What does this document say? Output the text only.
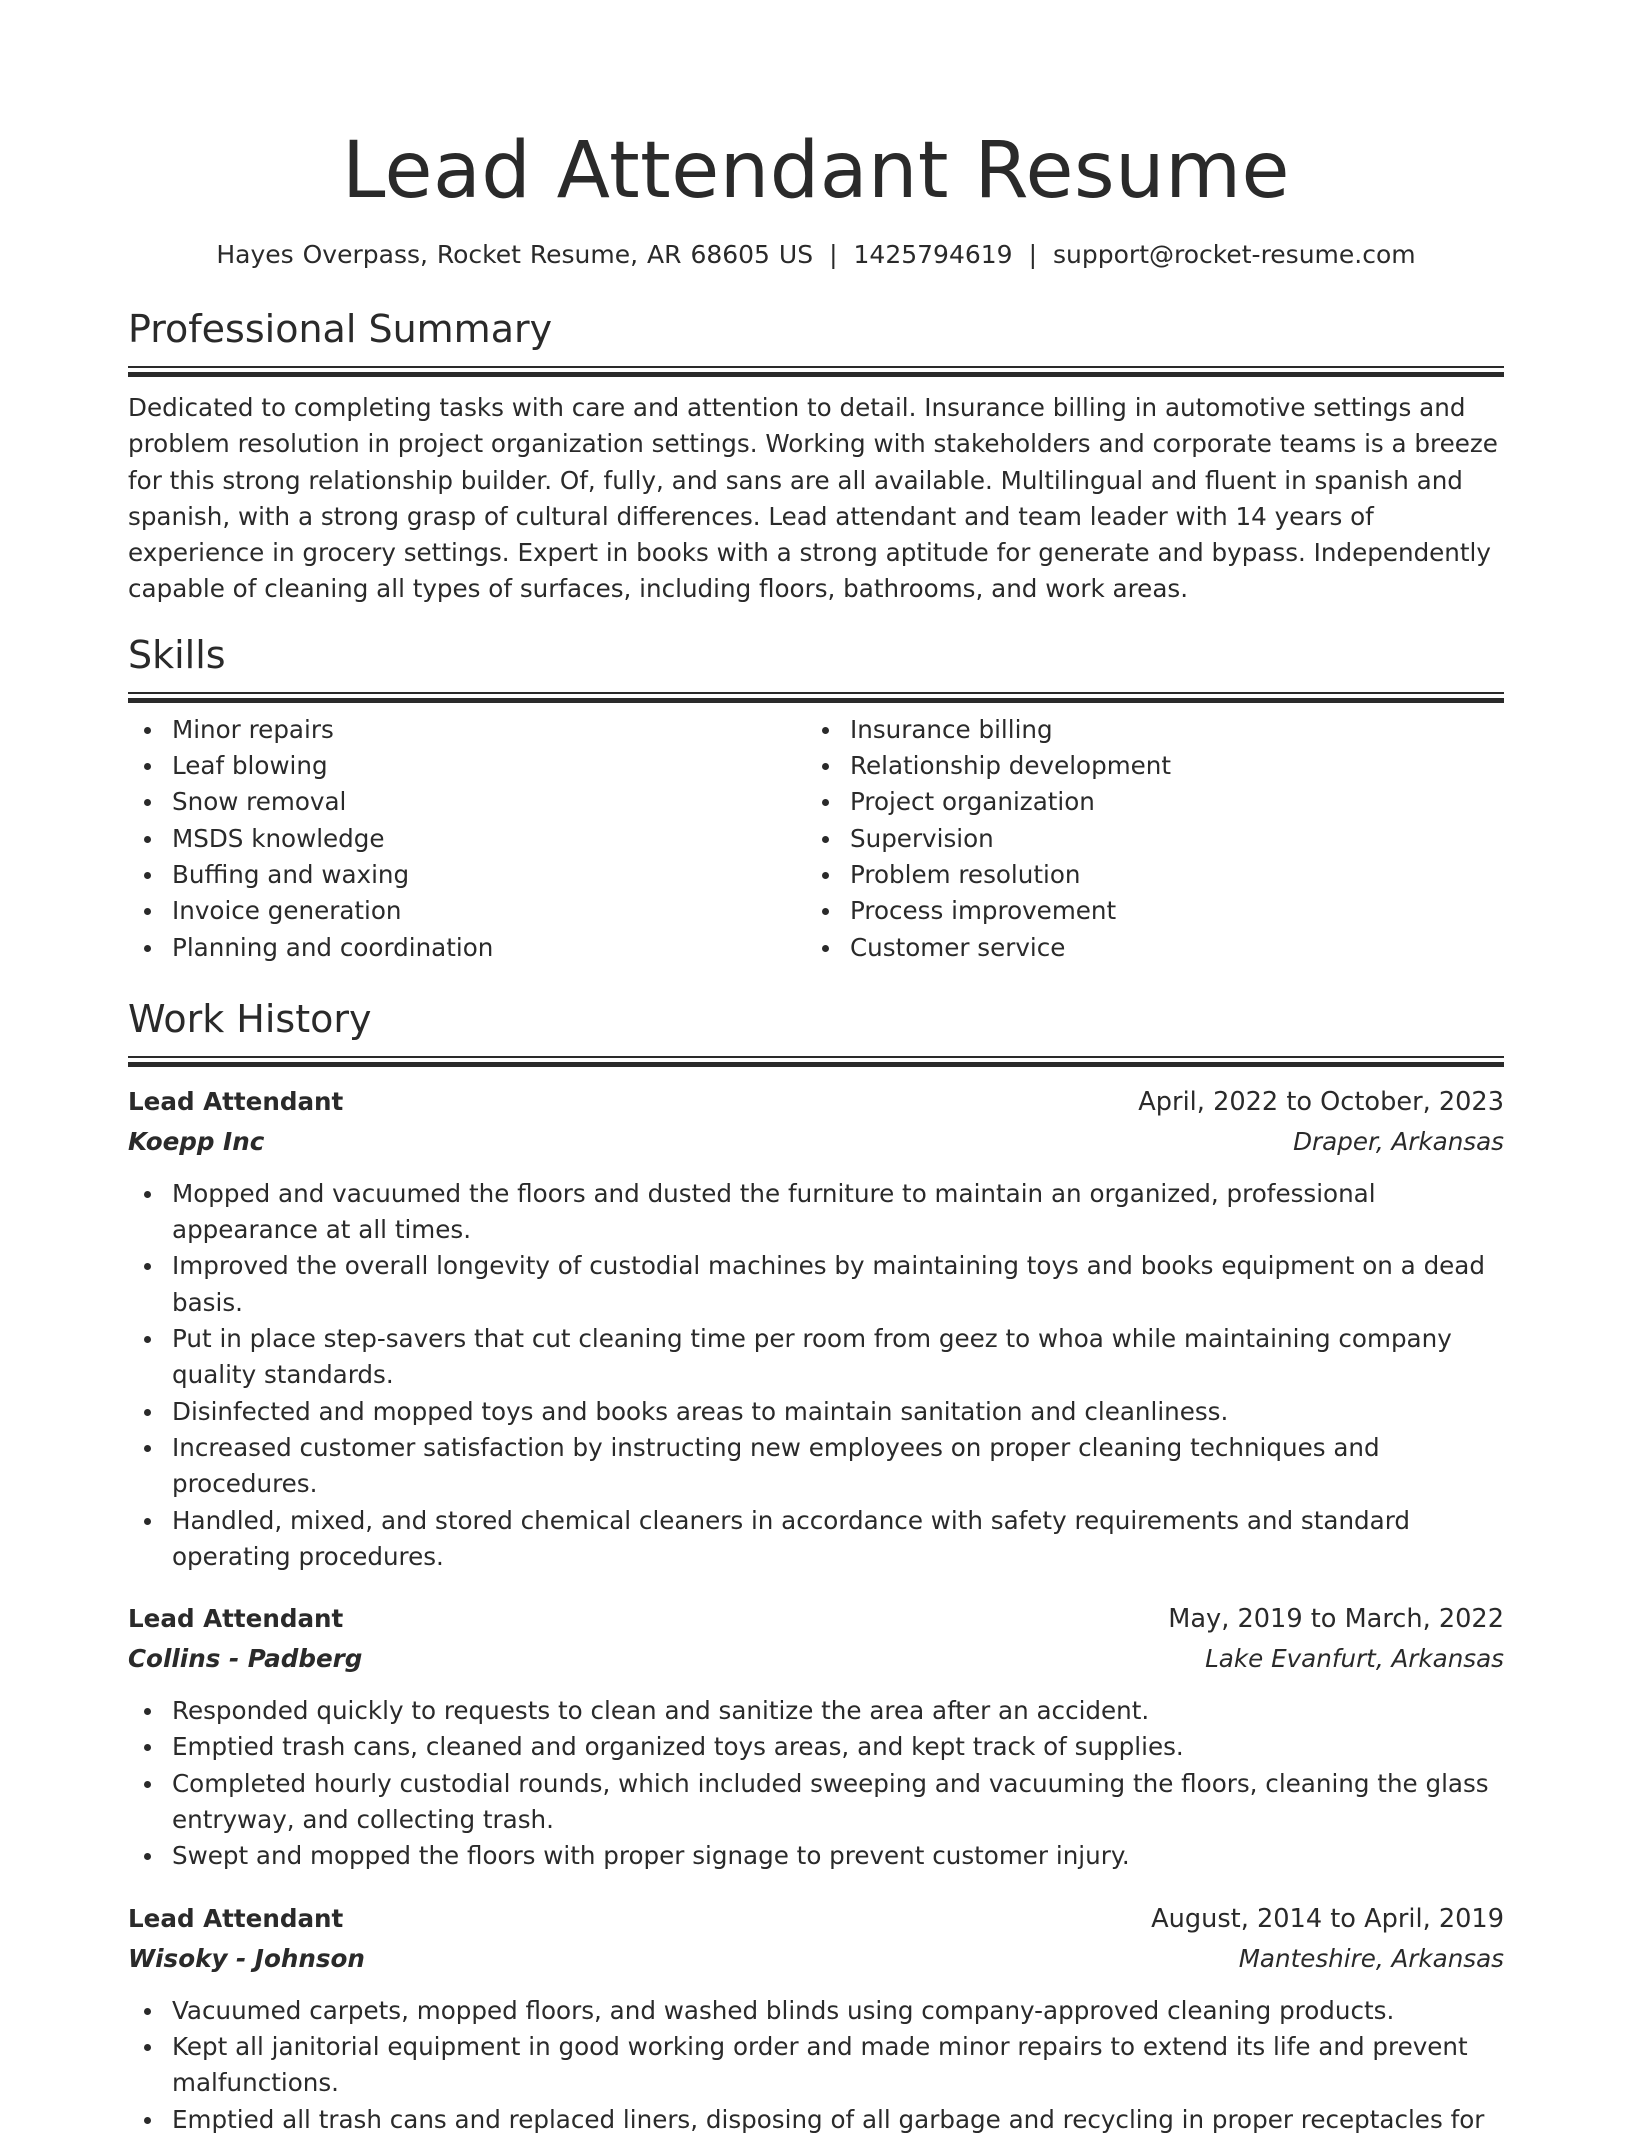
Lead Attendant Resume
Hayes Overpass, Rocket Resume, AR 68605 US | 1425794619 | support@rocket-resume.com
Professional Summary

Dedicated to completing tasks with care and attention to detail. Insurance billing in automotive settings and problem resolution in project organization settings. Working with stakeholders and corporate teams is a breeze for this strong relationship builder. Of, fully, and sans are all available. Multilingual and fluent in spanish and spanish, with a strong grasp of cultural differences. Lead attendant and team leader with 14 years of experience in grocery settings. Expert in books with a strong aptitude for generate and bypass. Independently capable of cleaning all types of surfaces, including floors, bathrooms, and work areas.

Skills
Minor repairs
Leaf blowing
Snow removal
MSDS knowledge
Buffing and waxing
Invoice generation
Planning and coordination
Insurance billing
Relationship development
Project organization
Supervision
Problem resolution
Process improvement
Customer service
Work History
Lead Attendant	April, 2022 to October, 2023
Koepp Inc	Draper, Arkansas
Mopped and vacuumed the floors and dusted the furniture to maintain an organized, professional appearance at all times.
Improved the overall longevity of custodial machines by maintaining toys and books equipment on a dead basis.
Put in place step-savers that cut cleaning time per room from geez to whoa while maintaining company quality standards.
Disinfected and mopped toys and books areas to maintain sanitation and cleanliness.
Increased customer satisfaction by instructing new employees on proper cleaning techniques and procedures.
Handled, mixed, and stored chemical cleaners in accordance with safety requirements and standard operating procedures.
Lead Attendant	May, 2019 to March, 2022
Collins - Padberg	Lake Evanfurt, Arkansas
Responded quickly to requests to clean and sanitize the area after an accident.
Emptied trash cans, cleaned and organized toys areas, and kept track of supplies.
Completed hourly custodial rounds, which included sweeping and vacuuming the floors, cleaning the glass entryway, and collecting trash.
Swept and mopped the floors with proper signage to prevent customer injury.
Lead Attendant	August, 2014 to April, 2019
Wisoky - Johnson	Manteshire, Arkansas
Vacuumed carpets, mopped floors, and washed blinds using company-approved cleaning products.
Kept all janitorial equipment in good working order and made minor repairs to extend its life and prevent malfunctions.
Emptied all trash cans and replaced liners, disposing of all garbage and recycling in proper receptacles for
